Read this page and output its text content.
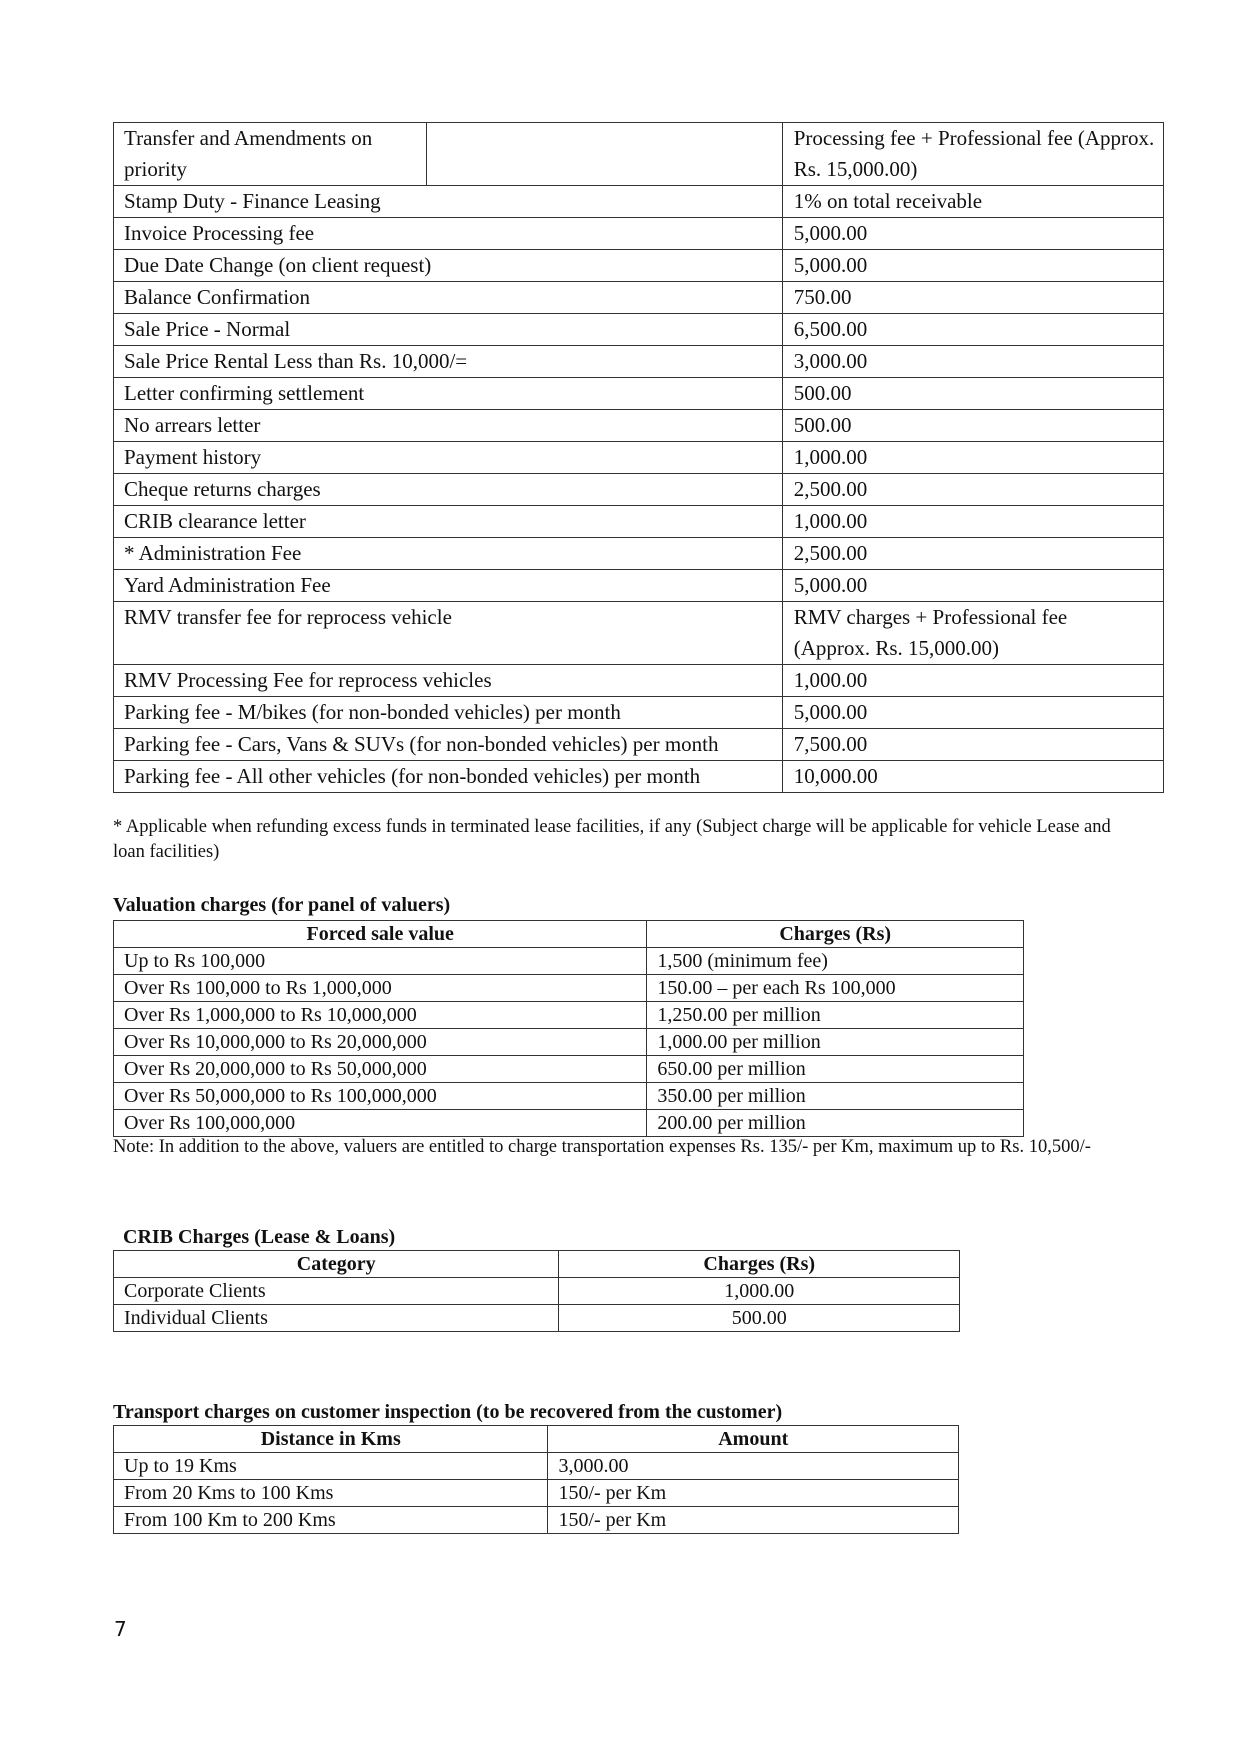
Transfer and Amendments on priority		Processing fee + Professional fee (Approx. Rs. 15,000.00)
Stamp Duty - Finance Leasing		1% on total receivable
Invoice Processing fee		5,000.00
Due Date Change (on client request)		5,000.00
Balance Confirmation		750.00
Sale Price - Normal		6,500.00
Sale Price Rental Less than Rs. 10,000/=		3,000.00
Letter confirming settlement		500.00
No arrears letter		500.00
Payment history		1,000.00
Cheque returns charges		2,500.00
CRIB clearance letter		1,000.00
* Administration Fee		2,500.00
Yard Administration Fee		5,000.00
RMV transfer fee for reprocess vehicle		RMV charges + Professional fee (Approx. Rs. 15,000.00)
RMV Processing Fee for reprocess vehicles		1,000.00
Parking fee - M/bikes (for non-bonded vehicles) per month		5,000.00
Parking fee - Cars, Vans & SUVs (for non-bonded vehicles) per month		7,500.00
Parking fee - All other vehicles (for non-bonded vehicles) per month		10,000.00
* Applicable when refunding excess funds in terminated lease facilities, if any (Subject charge will be applicable for vehicle Lease and loan facilities)
Valuation charges (for panel of valuers)
Forced sale value	Charges (Rs)
Up to Rs 100,000	1,500 (minimum fee)
Over Rs 100,000 to Rs 1,000,000	150.00 – per each Rs 100,000
Over Rs 1,000,000 to Rs 10,000,000	1,250.00 per million
Over Rs 10,000,000 to Rs 20,000,000	1,000.00 per million
Over Rs 20,000,000 to Rs 50,000,000	650.00 per million
Over Rs 50,000,000 to Rs 100,000,000	350.00 per million
Over Rs 100,000,000	200.00 per million
Note: In addition to the above, valuers are entitled to charge transportation expenses Rs. 135/- per Km, maximum up to Rs. 10,500/-
CRIB Charges (Lease & Loans)
Category	Charges (Rs)
Corporate Clients	1,000.00
Individual Clients	500.00
Transport charges on customer inspection (to be recovered from the customer)
Distance in Kms	Amount
Up to 19 Kms	3,000.00
From 20 Kms to 100 Kms	150/- per Km
From 100 Km to 200 Kms	150/- per Km
7
